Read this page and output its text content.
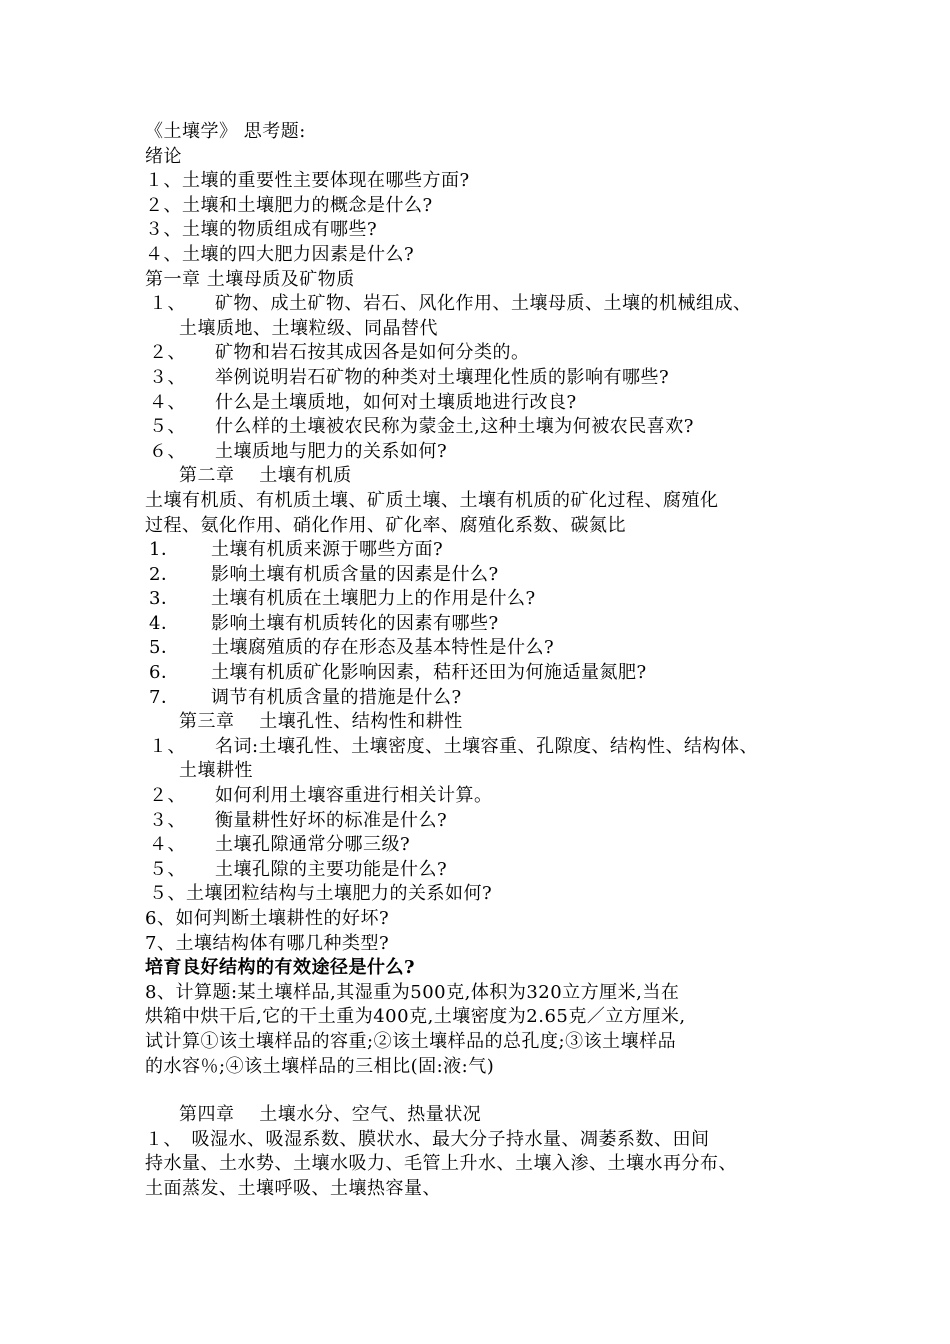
《土壤学》 思考题:
绪论
１、土壤的重要性主要体现在哪些方面?
２、土壤和土壤肥力的概念是什么?
３、土壤的物质组成有哪些?
４、土壤的四大肥力因素是什么?
第一章 土壤母质及矿物质
１、 矿物、成土矿物、岩石、风化作用、土壤母质、土壤的机械组成、
土壤质地、土壤粒级、同晶替代
２、 矿物和岩石按其成因各是如何分类的。
３、 举例说明岩石矿物的种类对土壤理化性质的影响有哪些?
４、 什么是土壤质地，如何对土壤质地进行改良?
５、 什么样的土壤被农民称为蒙金土,这种土壤为何被农民喜欢?
６、 土壤质地与肥力的关系如何?
第二章　 土壤有机质
土壤有机质、有机质土壤、矿质土壤、土壤有机质的矿化过程、腐殖化
过程、氨化作用、硝化作用、矿化率、腐殖化系数、碳氮比
1． 土壤有机质来源于哪些方面?
2． 影响土壤有机质含量的因素是什么?
3． 土壤有机质在土壤肥力上的作用是什么?
4． 影响土壤有机质转化的因素有哪些?
5． 土壤腐殖质的存在形态及基本特性是什么?
6． 土壤有机质矿化影响因素，秸秆还田为何施适量氮肥?
7． 调节有机质含量的措施是什么?
第三章　 土壤孔性、结构性和耕性
１、 名词:土壤孔性、土壤密度、土壤容重、孔隙度、结构性、结构体、
土壤耕性
２、 如何利用土壤容重进行相关计算。
３、 衡量耕性好坏的标准是什么?
４、 土壤孔隙通常分哪三级?
５、 土壤孔隙的主要功能是什么?
５、土壤团粒结构与土壤肥力的关系如何?
6、如何判断土壤耕性的好坏?
7、土壤结构体有哪几种类型?
培育良好结构的有效途径是什么?
8、计算题:某土壤样品,其湿重为500克,体积为320立方厘米,当在
烘箱中烘干后,它的干土重为400克,土壤密度为2.65克／立方厘米,
试计算①该土壤样品的容重;②该土壤样品的总孔度;③该土壤样品
的水容％;④该土壤样品的三相比(固:液:气)
第四章　 土壤水分、空气、热量状况
１、　吸湿水、吸湿系数、膜状水、最大分子持水量、凋萎系数、田间
持水量、土水势、土壤水吸力、毛管上升水、土壤入渗、土壤水再分布、
土面蒸发、土壤呼吸、土壤热容量、
